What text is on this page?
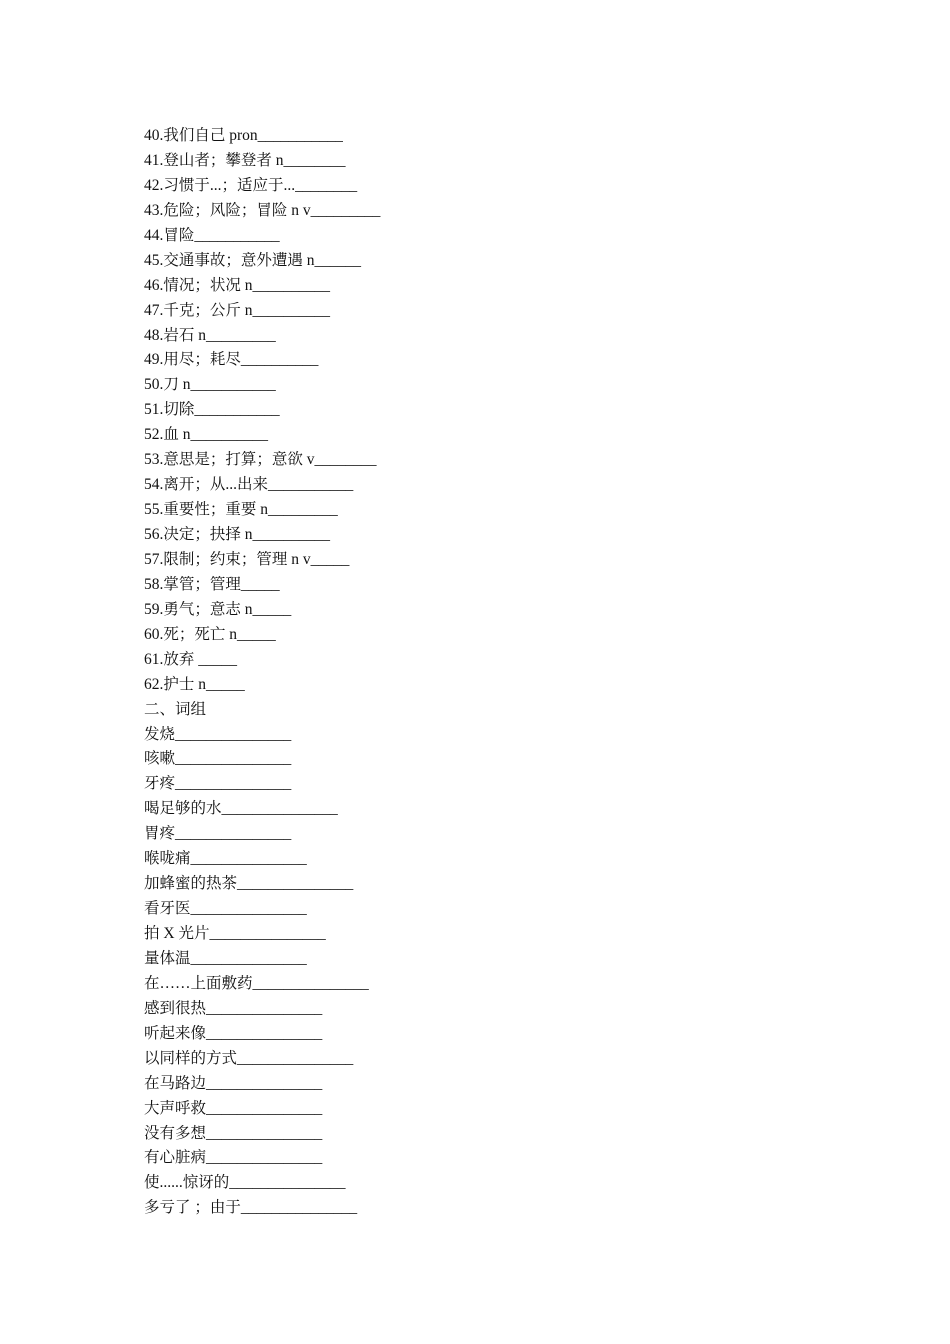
40.我们自己 pron___________
41.登山者；攀登者 n________
42.习惯于...；适应于...________
43.危险；风险；冒险 n v_________
44.冒险___________
45.交通事故；意外遭遇 n______
46.情况；状况 n__________
47.千克；公斤 n__________
48.岩石 n_________
49.用尽；耗尽__________
50.刀 n___________
51.切除___________
52.血 n__________
53.意思是；打算；意欲 v________
54.离开；从...出来___________
55.重要性；重要 n_________
56.决定；抉择 n__________
57.限制；约束；管理 n v_____
58.掌管；管理_____
59.勇气；意志 n_____
60.死；死亡 n_____
61.放弃 _____
62.护士 n_____
二、词组
发烧_______________
咳嗽_______________
牙疼_______________
喝足够的水_______________
胃疼_______________
喉咙痛_______________
加蜂蜜的热茶_______________
看牙医_______________
拍 X 光片_______________
量体温_______________
在……上面敷药_______________
感到很热_______________
听起来像_______________
以同样的方式_______________
在马路边_______________
大声呼救_______________
没有多想_______________
有心脏病_______________
使......惊讶的_______________
多亏了 ；由于_______________
